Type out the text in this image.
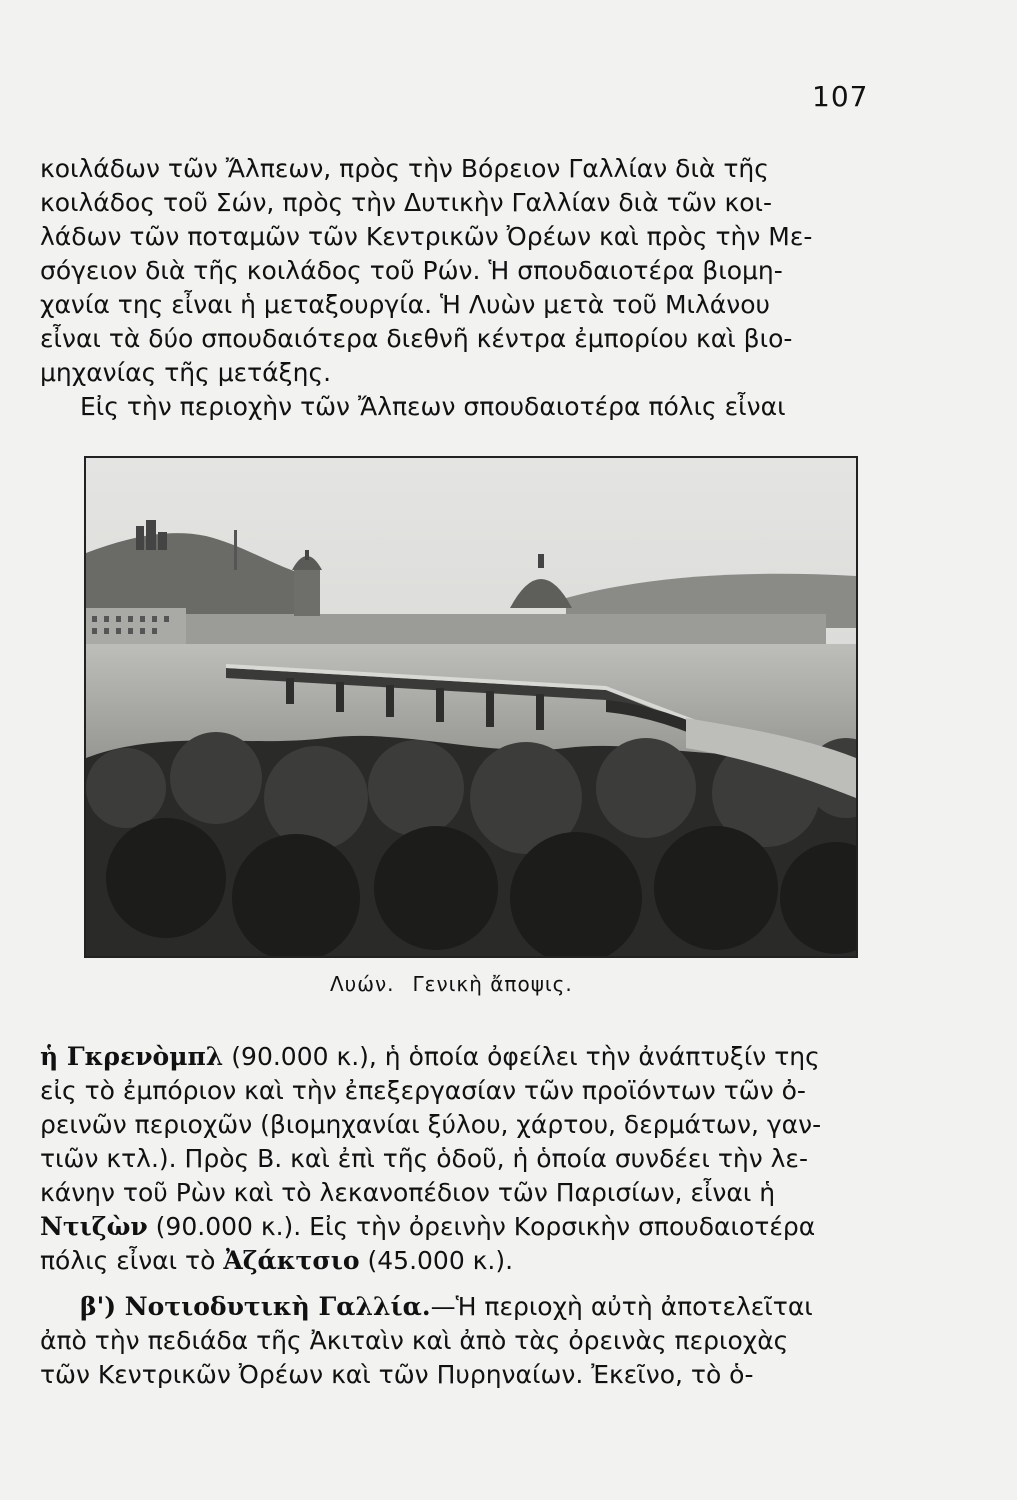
107
κοιλάδων τῶν Ἄλπεων, πρὸς τὴν Βόρειον Γαλλίαν διὰ τῆς
κοιλάδος τοῦ Σών, πρὸς τὴν Δυτικὴν Γαλλίαν διὰ τῶν κοι-
λάδων τῶν ποταμῶν τῶν Κεντρικῶν Ὀρέων καὶ πρὸς τὴν Με-
σόγειον διὰ τῆς κοιλάδος τοῦ Ρών. Ἡ σπουδαιοτέρα βιομη-
χανία της εἶναι ἡ μεταξουργία. Ἡ Λυὼν μετὰ τοῦ Μιλάνου
εἶναι τὰ δύο σπουδαιότερα διεθνῆ κέντρα ἐμπορίου καὶ βιο-
μηχανίας τῆς μετάξης.
Εἰς τὴν περιοχὴν τῶν Ἄλπεων σπουδαιοτέρα πόλις εἶναι
Λυών. Γενικὴ ἄποψις.
ἡ Γκρενὸμπλ (90.000 κ.), ἡ ὁποία ὀφείλει τὴν ἀνάπτυξίν της
εἰς τὸ ἐμπόριον καὶ τὴν ἐπεξεργασίαν τῶν προϊόντων τῶν ὀ-
ρεινῶν περιοχῶν (βιομηχανίαι ξύλου, χάρτου, δερμάτων, γαν-
τιῶν κτλ.). Πρὸς Β. καὶ ἐπὶ τῆς ὁδοῦ, ἡ ὁποία συνδέει τὴν λε-
κάνην τοῦ Ρὼν καὶ τὸ λεκανοπέδιον τῶν Παρισίων, εἶναι ἡ
Ντιζὼν (90.000 κ.). Εἰς τὴν ὀρεινὴν Κορσικὴν σπουδαιοτέρα
πόλις εἶναι τὸ Ἀζάκτσιο (45.000 κ.).
β') Νοτιοδυτικὴ Γαλλία.—Ἡ περιοχὴ αὐτὴ ἀποτελεῖται
ἀπὸ τὴν πεδιάδα τῆς Ἀκιταὶν καὶ ἀπὸ τὰς ὀρεινὰς περιοχὰς
τῶν Κεντρικῶν Ὀρέων καὶ τῶν Πυρηναίων. Ἐκεῖνο, τὸ ὁ-
